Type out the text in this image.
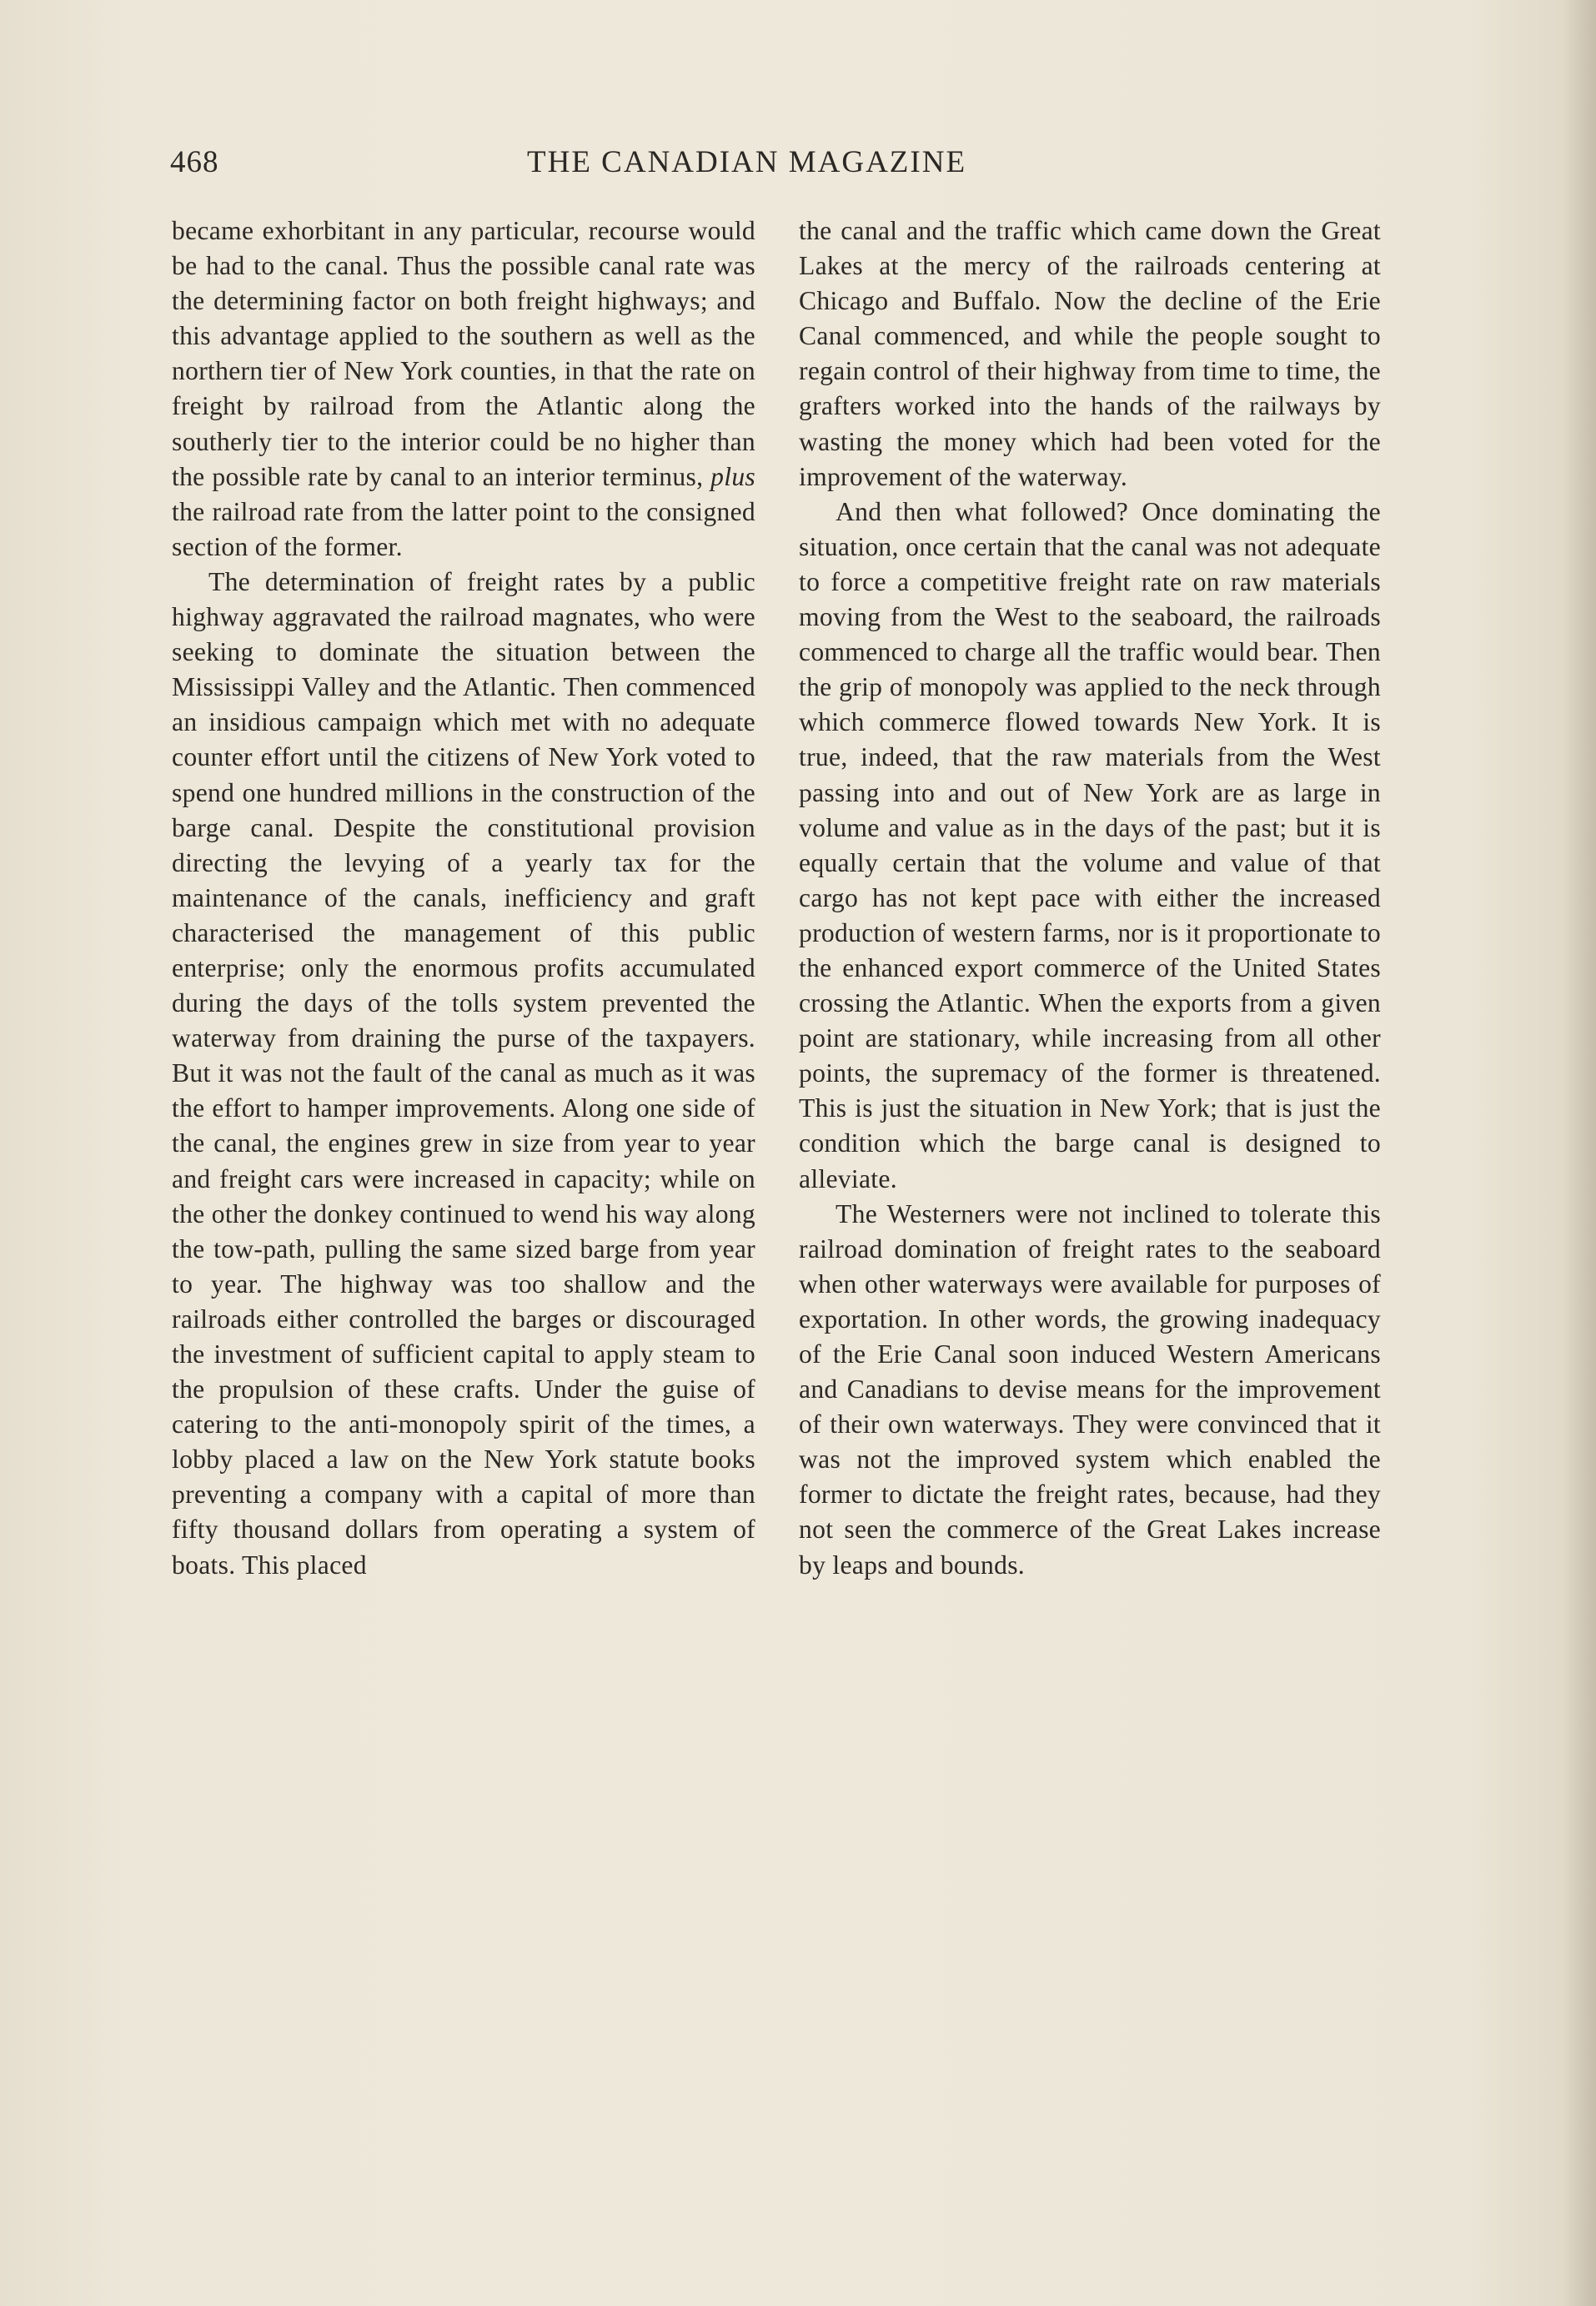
468	THE CANADIAN MAGAZINE

became exhorbitant in any particular, recourse would be had to the canal. Thus the possible canal rate was the determining factor on both freight highways; and this advantage applied to the southern as well as the northern tier of New York counties, in that the rate on freight by railroad from the Atlantic along the southerly tier to the interior could be no higher than the possible rate by canal to an interior terminus, plus the railroad rate from the latter point to the consigned section of the former.

The determination of freight rates by a public highway aggravated the railroad magnates, who were seeking to dominate the situation between the Mississippi Valley and the Atlantic. Then commenced an insidious campaign which met with no adequate counter effort until the citizens of New York voted to spend one hundred millions in the construction of the barge canal. Despite the constitutional provision directing the levying of a yearly tax for the maintenance of the canals, inefficiency and graft characterised the management of this public enterprise; only the enormous profits accumulated during the days of the tolls system prevented the waterway from draining the purse of the taxpayers. But it was not the fault of the canal as much as it was the effort to hamper improvements. Along one side of the canal, the engines grew in size from year to year and freight cars were increased in capacity; while on the other the donkey continued to wend his way along the tow-path, pulling the same sized barge from year to year. The highway was too shallow and the railroads either controlled the barges or discouraged the investment of sufficient capital to apply steam to the propulsion of these crafts. Under the guise of catering to the anti-monopoly spirit of the times, a lobby placed a law on the New York statute books preventing a company with a capital of more than fifty thousand dollars from operating a system of boats. This placed

the canal and the traffic which came down the Great Lakes at the mercy of the railroads centering at Chicago and Buffalo. Now the decline of the Erie Canal commenced, and while the people sought to regain control of their highway from time to time, the grafters worked into the hands of the railways by wasting the money which had been voted for the improvement of the waterway.

And then what followed? Once dominating the situation, once certain that the canal was not adequate to force a competitive freight rate on raw materials moving from the West to the seaboard, the railroads commenced to charge all the traffic would bear. Then the grip of monopoly was applied to the neck through which commerce flowed towards New York. It is true, indeed, that the raw materials from the West passing into and out of New York are as large in volume and value as in the days of the past; but it is equally certain that the volume and value of that cargo has not kept pace with either the increased production of western farms, nor is it proportionate to the enhanced export commerce of the United States crossing the Atlantic. When the exports from a given point are stationary, while increasing from all other points, the supremacy of the former is threatened. This is just the situation in New York; that is just the condition which the barge canal is designed to alleviate.

The Westerners were not inclined to tolerate this railroad domination of freight rates to the seaboard when other waterways were available for purposes of exportation. In other words, the growing inadequacy of the Erie Canal soon induced Western Americans and Canadians to devise means for the improvement of their own waterways. They were convinced that it was not the improved system which enabled the former to dictate the freight rates, because, had they not seen the commerce of the Great Lakes increase by leaps and bounds.
